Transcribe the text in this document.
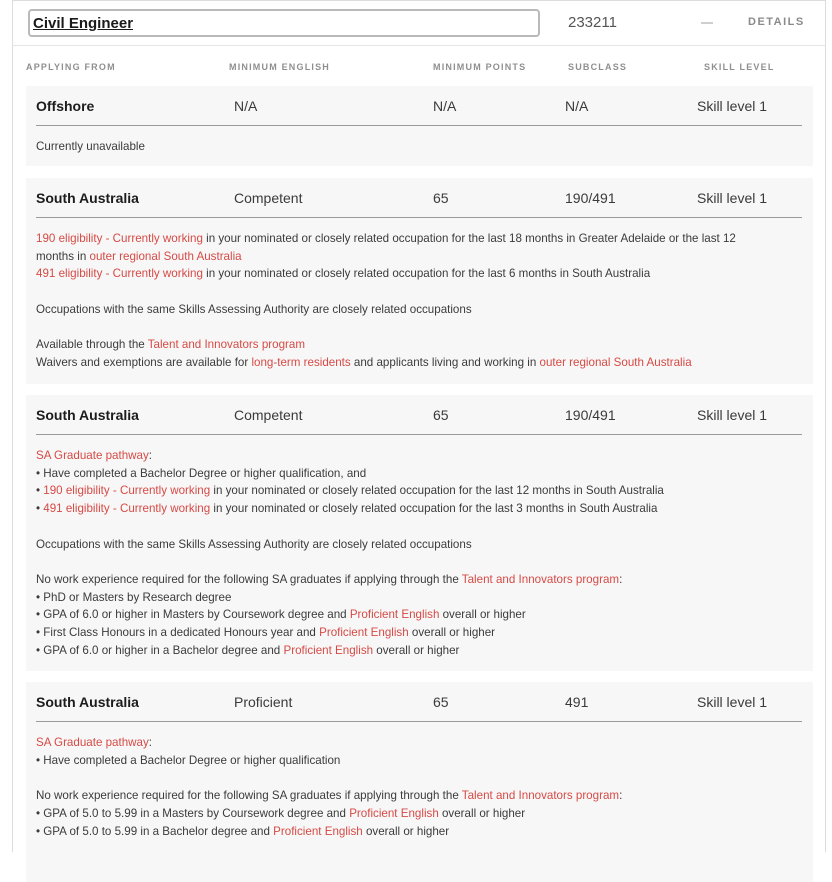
Civil Engineer	233211	DETAILS
APPLYING FROM	MINIMUM ENGLISH	MINIMUM POINTS	SUBCLASS	SKILL LEVEL
Offshore	N/A	N/A	N/A	Skill level 1

Currently unavailable

South Australia	Competent	65	190/491	Skill level 1

190 eligibility - Currently working in your nominated or closely related occupation for the last 18 months in Greater Adelaide or the last 12

months in outer regional South Australia

491 eligibility - Currently working in your nominated or closely related occupation for the last 6 months in South Australia

Occupations with the same Skills Assessing Authority are closely related occupations

Available through the Talent and Innovators program

Waivers and exemptions are available for long-term residents and applicants living and working in outer regional South Australia

South Australia	Competent	65	190/491	Skill level 1

SA Graduate pathway:

• Have completed a Bachelor Degree or higher qualification, and

• 190 eligibility - Currently working in your nominated or closely related occupation for the last 12 months in South Australia

• 491 eligibility - Currently working in your nominated or closely related occupation for the last 3 months in South Australia

Occupations with the same Skills Assessing Authority are closely related occupations

No work experience required for the following SA graduates if applying through the Talent and Innovators program:

• PhD or Masters by Research degree

• GPA of 6.0 or higher in Masters by Coursework degree and Proficient English overall or higher

• First Class Honours in a dedicated Honours year and Proficient English overall or higher

• GPA of 6.0 or higher in a Bachelor degree and Proficient English overall or higher

South Australia	Proficient	65	491	Skill level 1

SA Graduate pathway:

• Have completed a Bachelor Degree or higher qualification

No work experience required for the following SA graduates if applying through the Talent and Innovators program:

• GPA of 5.0 to 5.99 in a Masters by Coursework degree and Proficient English overall or higher

• GPA of 5.0 to 5.99 in a Bachelor degree and Proficient English overall or higher
